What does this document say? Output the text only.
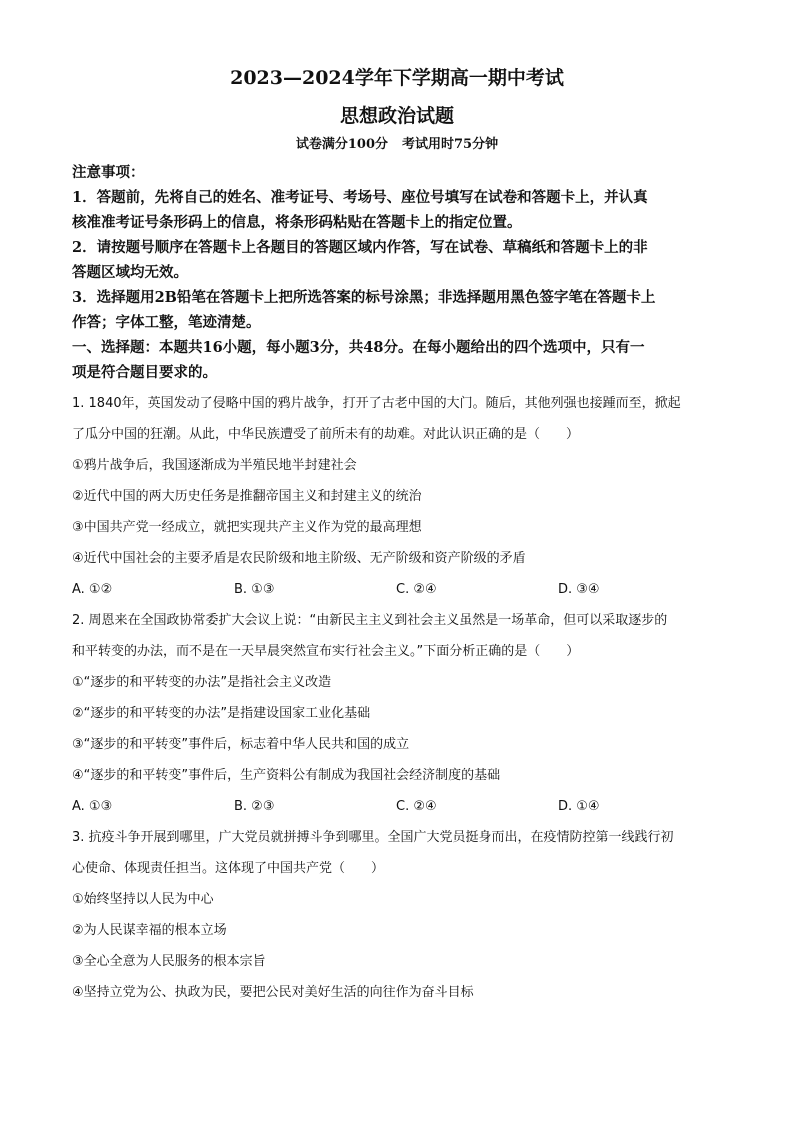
2023—2024学年下学期高一期中考试

思想政治试题

试卷满分100分 考试用时75分钟

注意事项：

1．答题前，先将自己的姓名、准考证号、考场号、座位号填写在试卷和答题卡上，并认真

核准准考证号条形码上的信息，将条形码粘贴在答题卡上的指定位置。

2．请按题号顺序在答题卡上各题目的答题区域内作答，写在试卷、草稿纸和答题卡上的非

答题区域均无效。

3．选择题用2B铅笔在答题卡上把所选答案的标号涂黑；非选择题用黑色签字笔在答题卡上

作答；字体工整，笔迹清楚。

一、选择题：本题共16小题，每小题3分，共48分。在每小题给出的四个选项中，只有一

项是符合题目要求的。

1. 1840年，英国发动了侵略中国的鸦片战争，打开了古老中国的大门。随后，其他列强也接踵而至，掀起

了瓜分中国的狂潮。从此，中华民族遭受了前所未有的劫难。对此认识正确的是（　　）

①鸦片战争后，我国逐渐成为半殖民地半封建社会

②近代中国的两大历史任务是推翻帝国主义和封建主义的统治

③中国共产党一经成立，就把实现共产主义作为党的最高理想

④近代中国社会的主要矛盾是农民阶级和地主阶级、无产阶级和资产阶级的矛盾

A. ①②	B. ①③	C. ②④	D. ③④

2. 周恩来在全国政协常委扩大会议上说：“由新民主主义到社会主义虽然是一场革命，但可以采取逐步的

和平转变的办法，而不是在一天早晨突然宣布实行社会主义。”下面分析正确的是（　　）

①“逐步的和平转变的办法”是指社会主义改造

②“逐步的和平转变的办法”是指建设国家工业化基础

③“逐步的和平转变”事件后，标志着中华人民共和国的成立

④“逐步的和平转变”事件后，生产资料公有制成为我国社会经济制度的基础

A. ①③	B. ②③	C. ②④	D. ①④

3. 抗疫斗争开展到哪里，广大党员就拼搏斗争到哪里。全国广大党员挺身而出，在疫情防控第一线践行初

心使命、体现责任担当。这体现了中国共产党（　　）

①始终坚持以人民为中心

②为人民谋幸福的根本立场

③全心全意为人民服务的根本宗旨

④坚持立党为公、执政为民，要把公民对美好生活的向往作为奋斗目标
